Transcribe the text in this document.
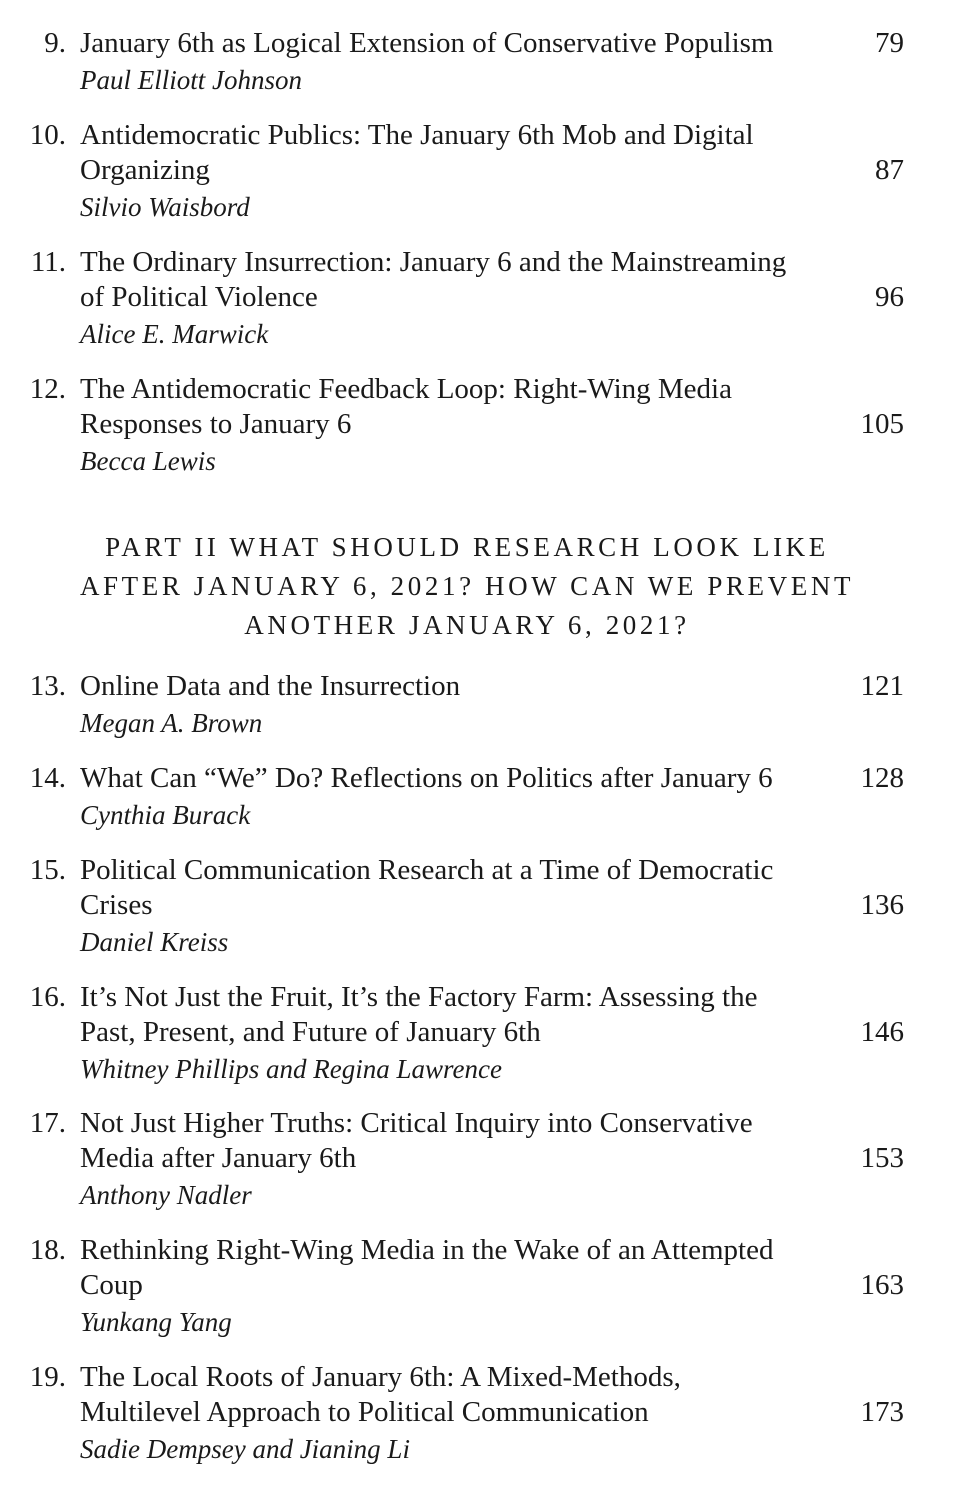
9. January 6th as Logical Extension of Conservative Populism	79
Paul Elliott Johnson
10. Antidemocratic Publics: The January 6th Mob and Digital
Organizing	87
Silvio Waisbord
11. The Ordinary Insurrection: January 6 and the Mainstreaming
of Political Violence	96
Alice E. Marwick
12. The Antidemocratic Feedback Loop: Right-Wing Media
Responses to January 6	105
Becca Lewis
PART II WHAT SHOULD RESEARCH LOOK LIKE
AFTER JANUARY 6, 2021? HOW CAN WE PREVENT
ANOTHER JANUARY 6, 2021?
13. Online Data and the Insurrection	121
Megan A. Brown
14. What Can “We” Do? Reflections on Politics after January 6	128
Cynthia Burack
15. Political Communication Research at a Time of Democratic
Crises	136
Daniel Kreiss
16. It’s Not Just the Fruit, It’s the Factory Farm: Assessing the
Past, Present, and Future of January 6th	146
Whitney Phillips and Regina Lawrence
17. Not Just Higher Truths: Critical Inquiry into Conservative
Media after January 6th	153
Anthony Nadler
18. Rethinking Right-Wing Media in the Wake of an Attempted
Coup	163
Yunkang Yang
19. The Local Roots of January 6th: A Mixed-Methods,
Multilevel Approach to Political Communication	173
Sadie Dempsey and Jianing Li
